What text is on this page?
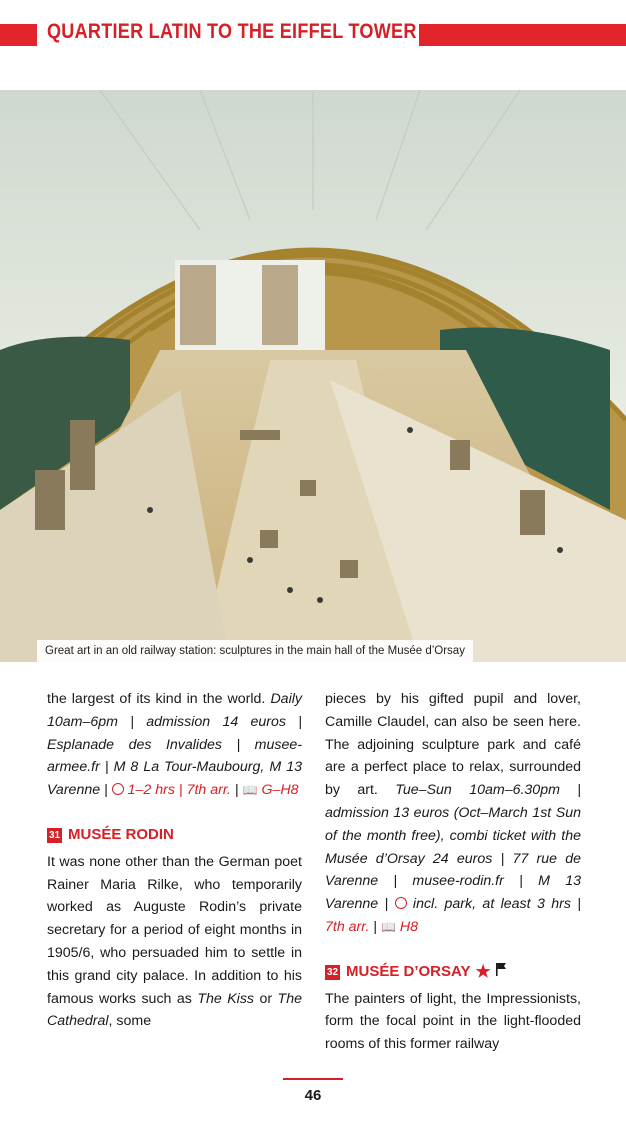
QUARTIER LATIN TO THE EIFFEL TOWER
Great art in an old railway station: sculptures in the main hall of the Musée d’Orsay

the largest of its kind in the world. Daily 10am–6pm | admission 14 euros | Esplanade des Invalides | musee-armee.fr | M 8 La Tour-Maubourg, M 13 Varenne | 1–2 hrs | 7th arr. | 📖 G–H8

31 MUSÉE RODIN

It was none other than the German poet Rainer Maria Rilke, who temporarily worked as Auguste Rodin’s private secretary for a period of eight months in 1905/6, who persuaded him to settle in this grand city palace. In addition to his famous works such as The Kiss or The Cathedral, some

pieces by his gifted pupil and lover, Camille Claudel, can also be seen here. The adjoining sculpture park and café are a perfect place to relax, surrounded by art. Tue–Sun 10am–6.30pm | admission 13 euros (Oct–March 1st Sun of the month free), combi ticket with the Musée d’Orsay 24 euros | 77 rue de Varenne | musee-rodin.fr | M 13 Varenne | incl. park, at least 3 hrs | 7th arr. | 📖 H8

32 MUSÉE D’ORSAY ★

The painters of light, the Impressionists, form the focal point in the light-flooded rooms of this former railway

46
